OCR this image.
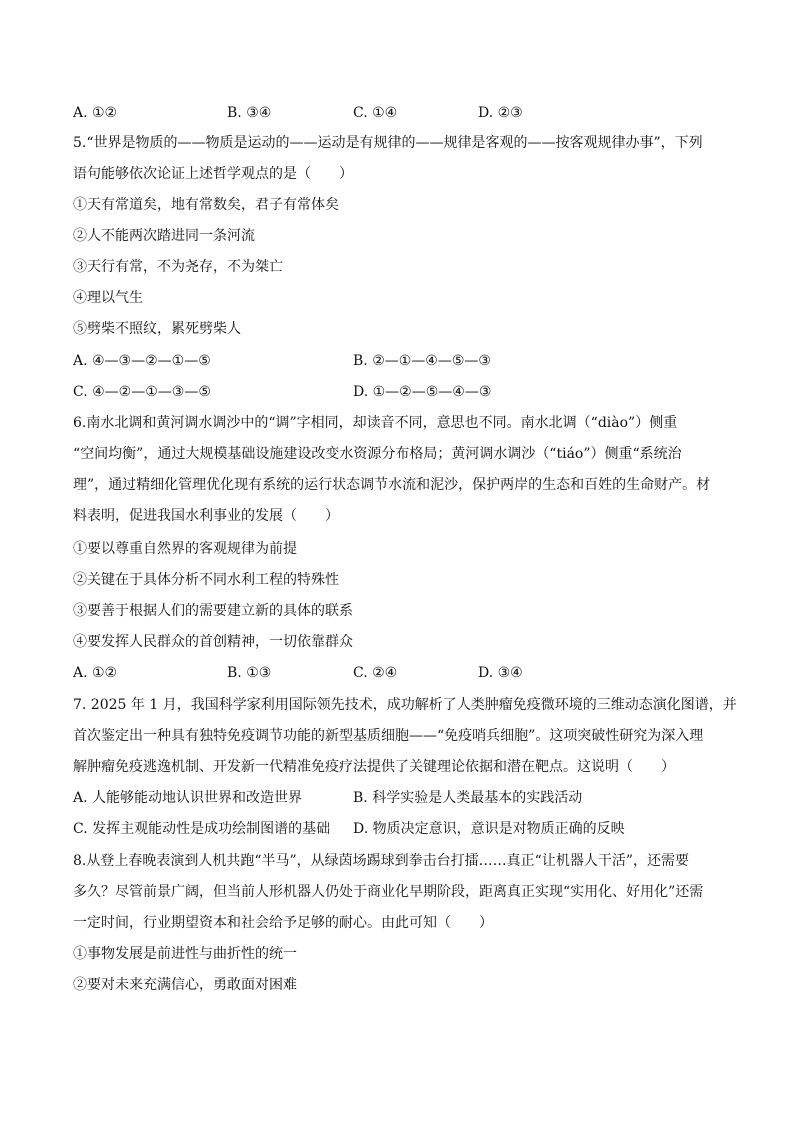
A. ①②	B. ③④	C. ①④	D. ②③
5.“世界是物质的——物质是运动的——运动是有规律的——规律是客观的——按客观规律办事”，下列
语句能够依次论证上述哲学观点的是（　　）
①天有常道矣，地有常数矣，君子有常体矣
②人不能两次踏进同一条河流
③天行有常，不为尧存，不为桀亡
④理以气生
⑤劈柴不照纹，累死劈柴人
A. ④—③—②—①—⑤	B. ②—①—④—⑤—③
C. ④—②—①—③—⑤	D. ①—②—⑤—④—③
6.南水北调和黄河调水调沙中的“调”字相同，却读音不同，意思也不同。南水北调（“diào”）侧重
“空间均衡”，通过大规模基础设施建设改变水资源分布格局；黄河调水调沙（“tiáo”）侧重“系统治
理”，通过精细化管理优化现有系统的运行状态调节水流和泥沙，保护两岸的生态和百姓的生命财产。材
料表明，促进我国水利事业的发展（　　）
①要以尊重自然界的客观规律为前提
②关键在于具体分析不同水利工程的特殊性
③要善于根据人们的需要建立新的具体的联系
④要发挥人民群众的首创精神，一切依靠群众
A. ①②	B. ①③	C. ②④	D. ③④
7. 2025 年 1 月，我国科学家利用国际领先技术，成功解析了人类肿瘤免疫微环境的三维动态演化图谱，并
首次鉴定出一种具有独特免疫调节功能的新型基质细胞——“免疫哨兵细胞”。这项突破性研究为深入理
解肿瘤免疫逃逸机制、开发新一代精准免疫疗法提供了关键理论依据和潜在靶点。这说明（　　）
A. 人能够能动地认识世界和改造世界	B. 科学实验是人类最基本的实践活动
C. 发挥主观能动性是成功绘制图谱的基础 D. 物质决定意识，意识是对物质正确的反映
8.从登上春晚表演到人机共跑“半马”，从绿茵场踢球到拳击台打擂……真正“让机器人干活”，还需要
多久？尽管前景广阔，但当前人形机器人仍处于商业化早期阶段，距离真正实现“实用化、好用化”还需
一定时间，行业期望资本和社会给予足够的耐心。由此可知（　　）
①事物发展是前进性与曲折性的统一
②要对未来充满信心，勇敢面对困难
